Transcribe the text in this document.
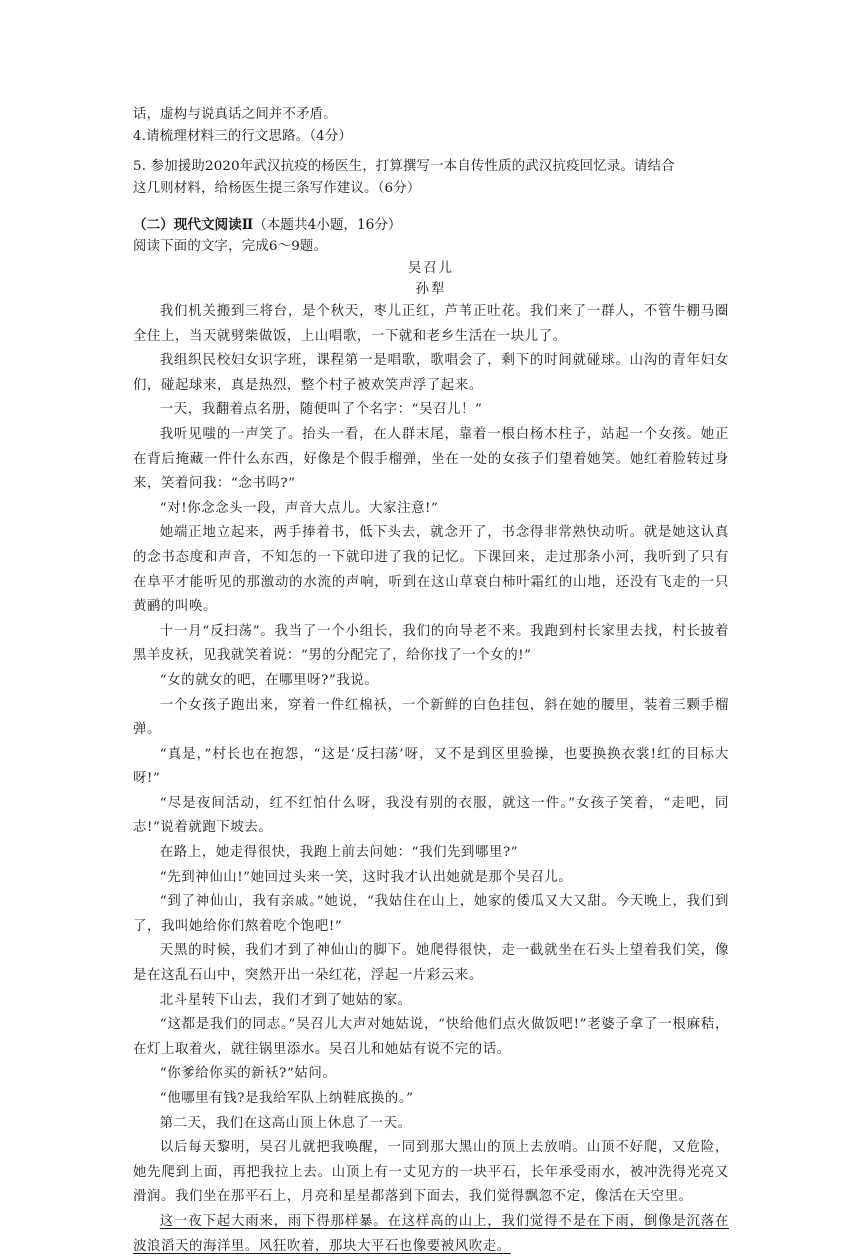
话，虚构与说真话之间并不矛盾。

4.请梳理材料三的行文思路。（4分）

5. 参加援助2020年武汉抗疫的杨医生，打算撰写一本自传性质的武汉抗疫回忆录。请结合

这几则材料，给杨医生提三条写作建议。（6分）

（二）现代文阅读Ⅱ（本题共4小题，16分）

阅读下面的文字，完成6～9题。

吴召儿

孙犁

我们机关搬到三将台，是个秋天，枣儿正红，芦苇正吐花。我们来了一群人，不管牛棚马圈全住上，当天就劈柴做饭，上山唱歌，一下就和老乡生活在一块儿了。

我组织民校妇女识字班，课程第一是唱歌，歌唱会了，剩下的时间就碰球。山沟的青年妇女们，碰起球来，真是热烈，整个村子被欢笑声浮了起来。

一天，我翻着点名册，随便叫了个名字：“吴召儿！”

我听见嗤的一声笑了。抬头一看，在人群末尾，靠着一根白杨木柱子，站起一个女孩。她正在背后掩藏一件什么东西，好像是个假手榴弹，坐在一处的女孩子们望着她笑。她红着脸转过身来，笑着问我：“念书吗?”

“对!你念念头一段，声音大点儿。大家注意!”

她端正地立起来，两手捧着书，低下头去，就念开了，书念得非常熟快动听。就是她这认真的念书态度和声音，不知怎的一下就印进了我的记忆。下课回来，走过那条小河，我听到了只有在阜平才能听见的那激动的水流的声响，听到在这山草衰白柿叶霜红的山地，还没有飞走的一只黄鹂的叫唤。

十一月“反扫荡”。我当了一个小组长，我们的向导老不来。我跑到村长家里去找，村长披着黑羊皮袄，见我就笑着说：“男的分配完了，给你找了一个女的!”

“女的就女的吧，在哪里呀?”我说。

一个女孩子跑出来，穿着一件红棉袄，一个新鲜的白色挂包，斜在她的腰里，装着三颗手榴弹。

“真是，”村长也在抱怨，“这是‘反扫荡’呀，又不是到区里验操，也要换换衣裳!红的目标大呀!”

“尽是夜间活动，红不红怕什么呀，我没有别的衣服，就这一件。”女孩子笑着，“走吧，同志!”说着就跑下坡去。

在路上，她走得很快，我跑上前去问她：“我们先到哪里?”

“先到神仙山!”她回过头来一笑，这时我才认出她就是那个吴召儿。

“到了神仙山，我有亲戚。”她说，“我姑住在山上，她家的倭瓜又大又甜。今天晚上，我们到了，我叫她给你们熬着吃个饱吧!”

天黑的时候，我们才到了神仙山的脚下。她爬得很快，走一截就坐在石头上望着我们笑，像是在这乱石山中，突然开出一朵红花，浮起一片彩云来。

北斗星转下山去，我们才到了她姑的家。

“这都是我们的同志。”吴召儿大声对她姑说，“快给他们点火做饭吧!”老婆子拿了一根麻秸，在灯上取着火，就往锅里添水。吴召儿和她姑有说不完的话。

“你爹给你买的新袄?”姑问。

“他哪里有钱?是我给军队上纳鞋底换的。”

第二天，我们在这高山顶上休息了一天。

以后每天黎明，吴召儿就把我唤醒，一同到那大黑山的顶上去放哨。山顶不好爬，又危险，她先爬到上面，再把我拉上去。山顶上有一丈见方的一块平石，长年承受雨水，被冲洗得光亮又滑润。我们坐在那平石上，月亮和星星都落到下面去，我们觉得飘忽不定，像活在天空里。

这一夜下起大雨来，雨下得那样暴。在这样高的山上，我们觉得不是在下雨，倒像是沉落在波浪滔天的海洋里。风狂吹着，那块大平石也像要被风吹走。
